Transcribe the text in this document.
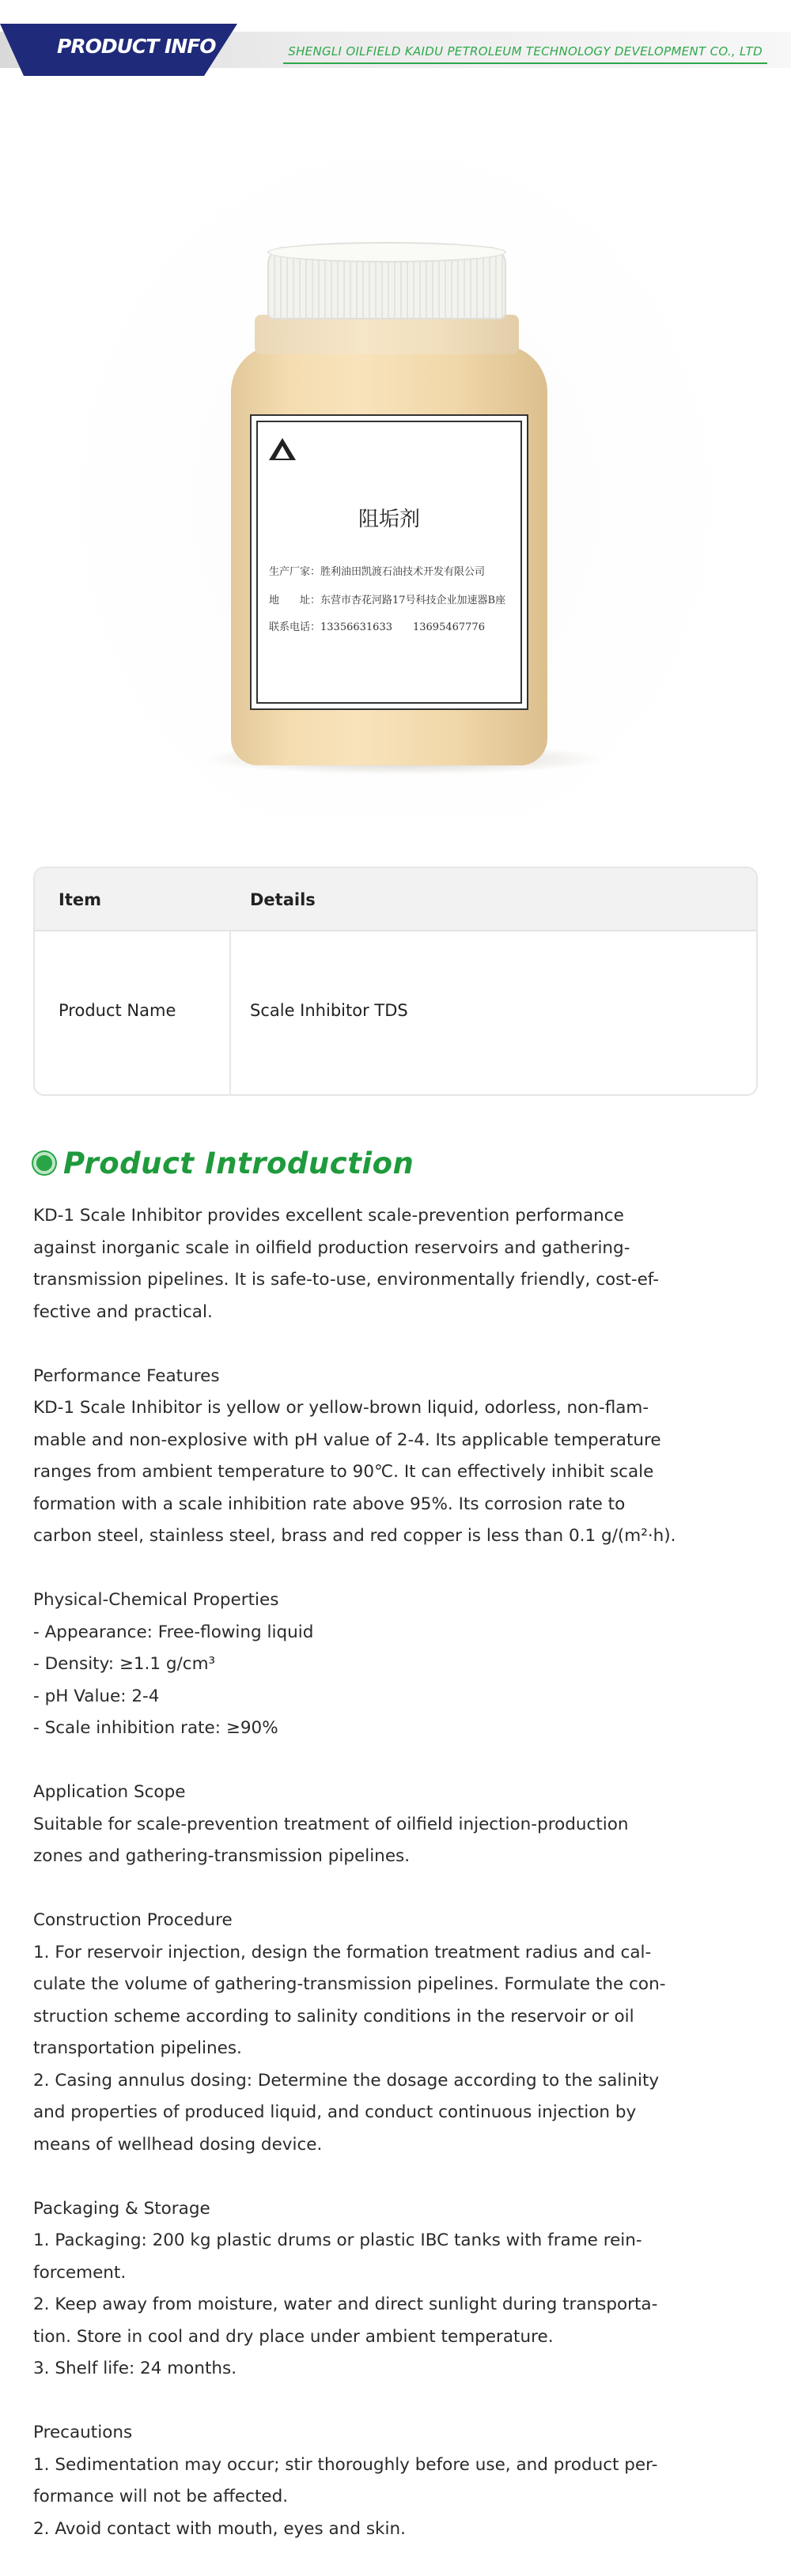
PRODUCT INFO	SHENGLI OILFIELD KAIDU PETROLEUM TECHNOLOGY DEVELOPMENT CO., LTD
阻垢剂
生产厂家：胜利油田凯渡石油技术开发有限公司
地　　址：东营市杏花河路17号科技企业加速器B座
联系电话：13356631633　　13695467776
Item	Details
Product Name	Scale Inhibitor TDS
Product Introduction

KD-1 Scale Inhibitor provides excellent scale-prevention performance

against inorganic scale in oilfield production reservoirs and gathering-

transmission pipelines. It is safe-to-use, environmentally friendly, cost-ef-

fective and practical.

Performance Features

KD-1 Scale Inhibitor is yellow or yellow-brown liquid, odorless, non-flam-

mable and non-explosive with pH value of 2-4. Its applicable temperature

ranges from ambient temperature to 90℃. It can effectively inhibit scale

formation with a scale inhibition rate above 95%. Its corrosion rate to

carbon steel, stainless steel, brass and red copper is less than 0.1 g/(m²·h).

Physical-Chemical Properties

- Appearance: Free-flowing liquid

- Density: ≥1.1 g/cm³

- pH Value: 2-4

- Scale inhibition rate: ≥90%

Application Scope

Suitable for scale-prevention treatment of oilfield injection-production

zones and gathering-transmission pipelines.

Construction Procedure

1. For reservoir injection, design the formation treatment radius and cal-

culate the volume of gathering-transmission pipelines. Formulate the con-

struction scheme according to salinity conditions in the reservoir or oil

transportation pipelines.

2. Casing annulus dosing: Determine the dosage according to the salinity

and properties of produced liquid, and conduct continuous injection by

means of wellhead dosing device.

Packaging & Storage

1. Packaging: 200 kg plastic drums or plastic IBC tanks with frame rein-

forcement.

2. Keep away from moisture, water and direct sunlight during transporta-

tion. Store in cool and dry place under ambient temperature.

3. Shelf life: 24 months.

Precautions

1. Sedimentation may occur; stir thoroughly before use, and product per-

formance will not be affected.

2. Avoid contact with mouth, eyes and skin.
